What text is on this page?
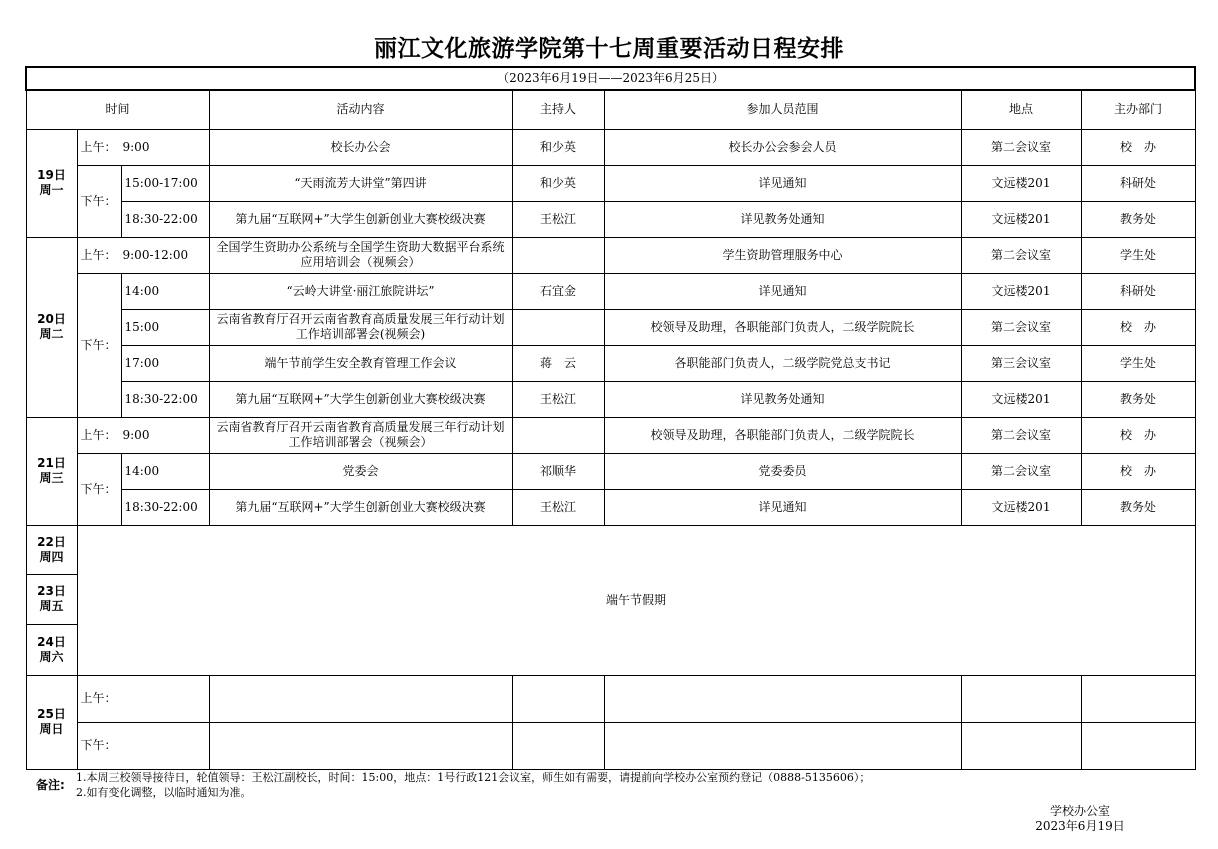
丽江文化旅游学院第十七周重要活动日程安排
（2023年6月19日——2023年6月25日）							
时间			活动内容	主持人	参加人员范围	地点	主办部门

19日
周一	上午：　9:00		校长办公会	和少英	校长办公会参会人员	第二会议室	校　办
	下午：	15:00-17:00	“天雨流芳大讲堂”第四讲	和少英	详见通知	文远楼201	科研处
		18:30-22:00	第九届“互联网+”大学生创新创业大赛校级决赛	王松江	详见教务处通知	文远楼201	教务处

20日
周二	上午：　9:00-12:00		全国学生资助办公系统与全国学生资助大数据平台系统应用培训会（视频会）		学生资助管理服务中心	第二会议室	学生处
	下午：	14:00	“云岭大讲堂·丽江旅院讲坛”	石宜金	详见通知	文远楼201	科研处
		15:00	云南省教育厅召开云南省教育高质量发展三年行动计划工作培训部署会(视频会)		校领导及助理，各职能部门负责人，二级学院院长	第二会议室	校　办
		17:00	端午节前学生安全教育管理工作会议	蒋　云	各职能部门负责人，二级学院党总支书记	第三会议室	学生处
		18:30-22:00	第九届“互联网+”大学生创新创业大赛校级决赛	王松江	详见教务处通知	文远楼201	教务处

21日
周三	上午：　9:00		云南省教育厅召开云南省教育高质量发展三年行动计划工作培训部署会（视频会）		校领导及助理，各职能部门负责人，二级学院院长	第二会议室	校　办
	下午：	14:00	党委会	祁顺华	党委委员	第二会议室	校　办
		18:30-22:00	第九届“互联网+”大学生创新创业大赛校级决赛	王松江	详见通知	文远楼201	教务处

22日
周四	端午节假期						

23日
周五							

24日
周六							

25日
周日	上午：						
	下午：						
备注:
1.本周三校领导接待日，轮值领导：王松江副校长，时间：15:00，地点：1号行政121会议室，师生如有需要，请提前向学校办公室预约登记（0888-5135606）；
2.如有变化调整，以临时通知为准。
学校办公室
2023年6月19日
